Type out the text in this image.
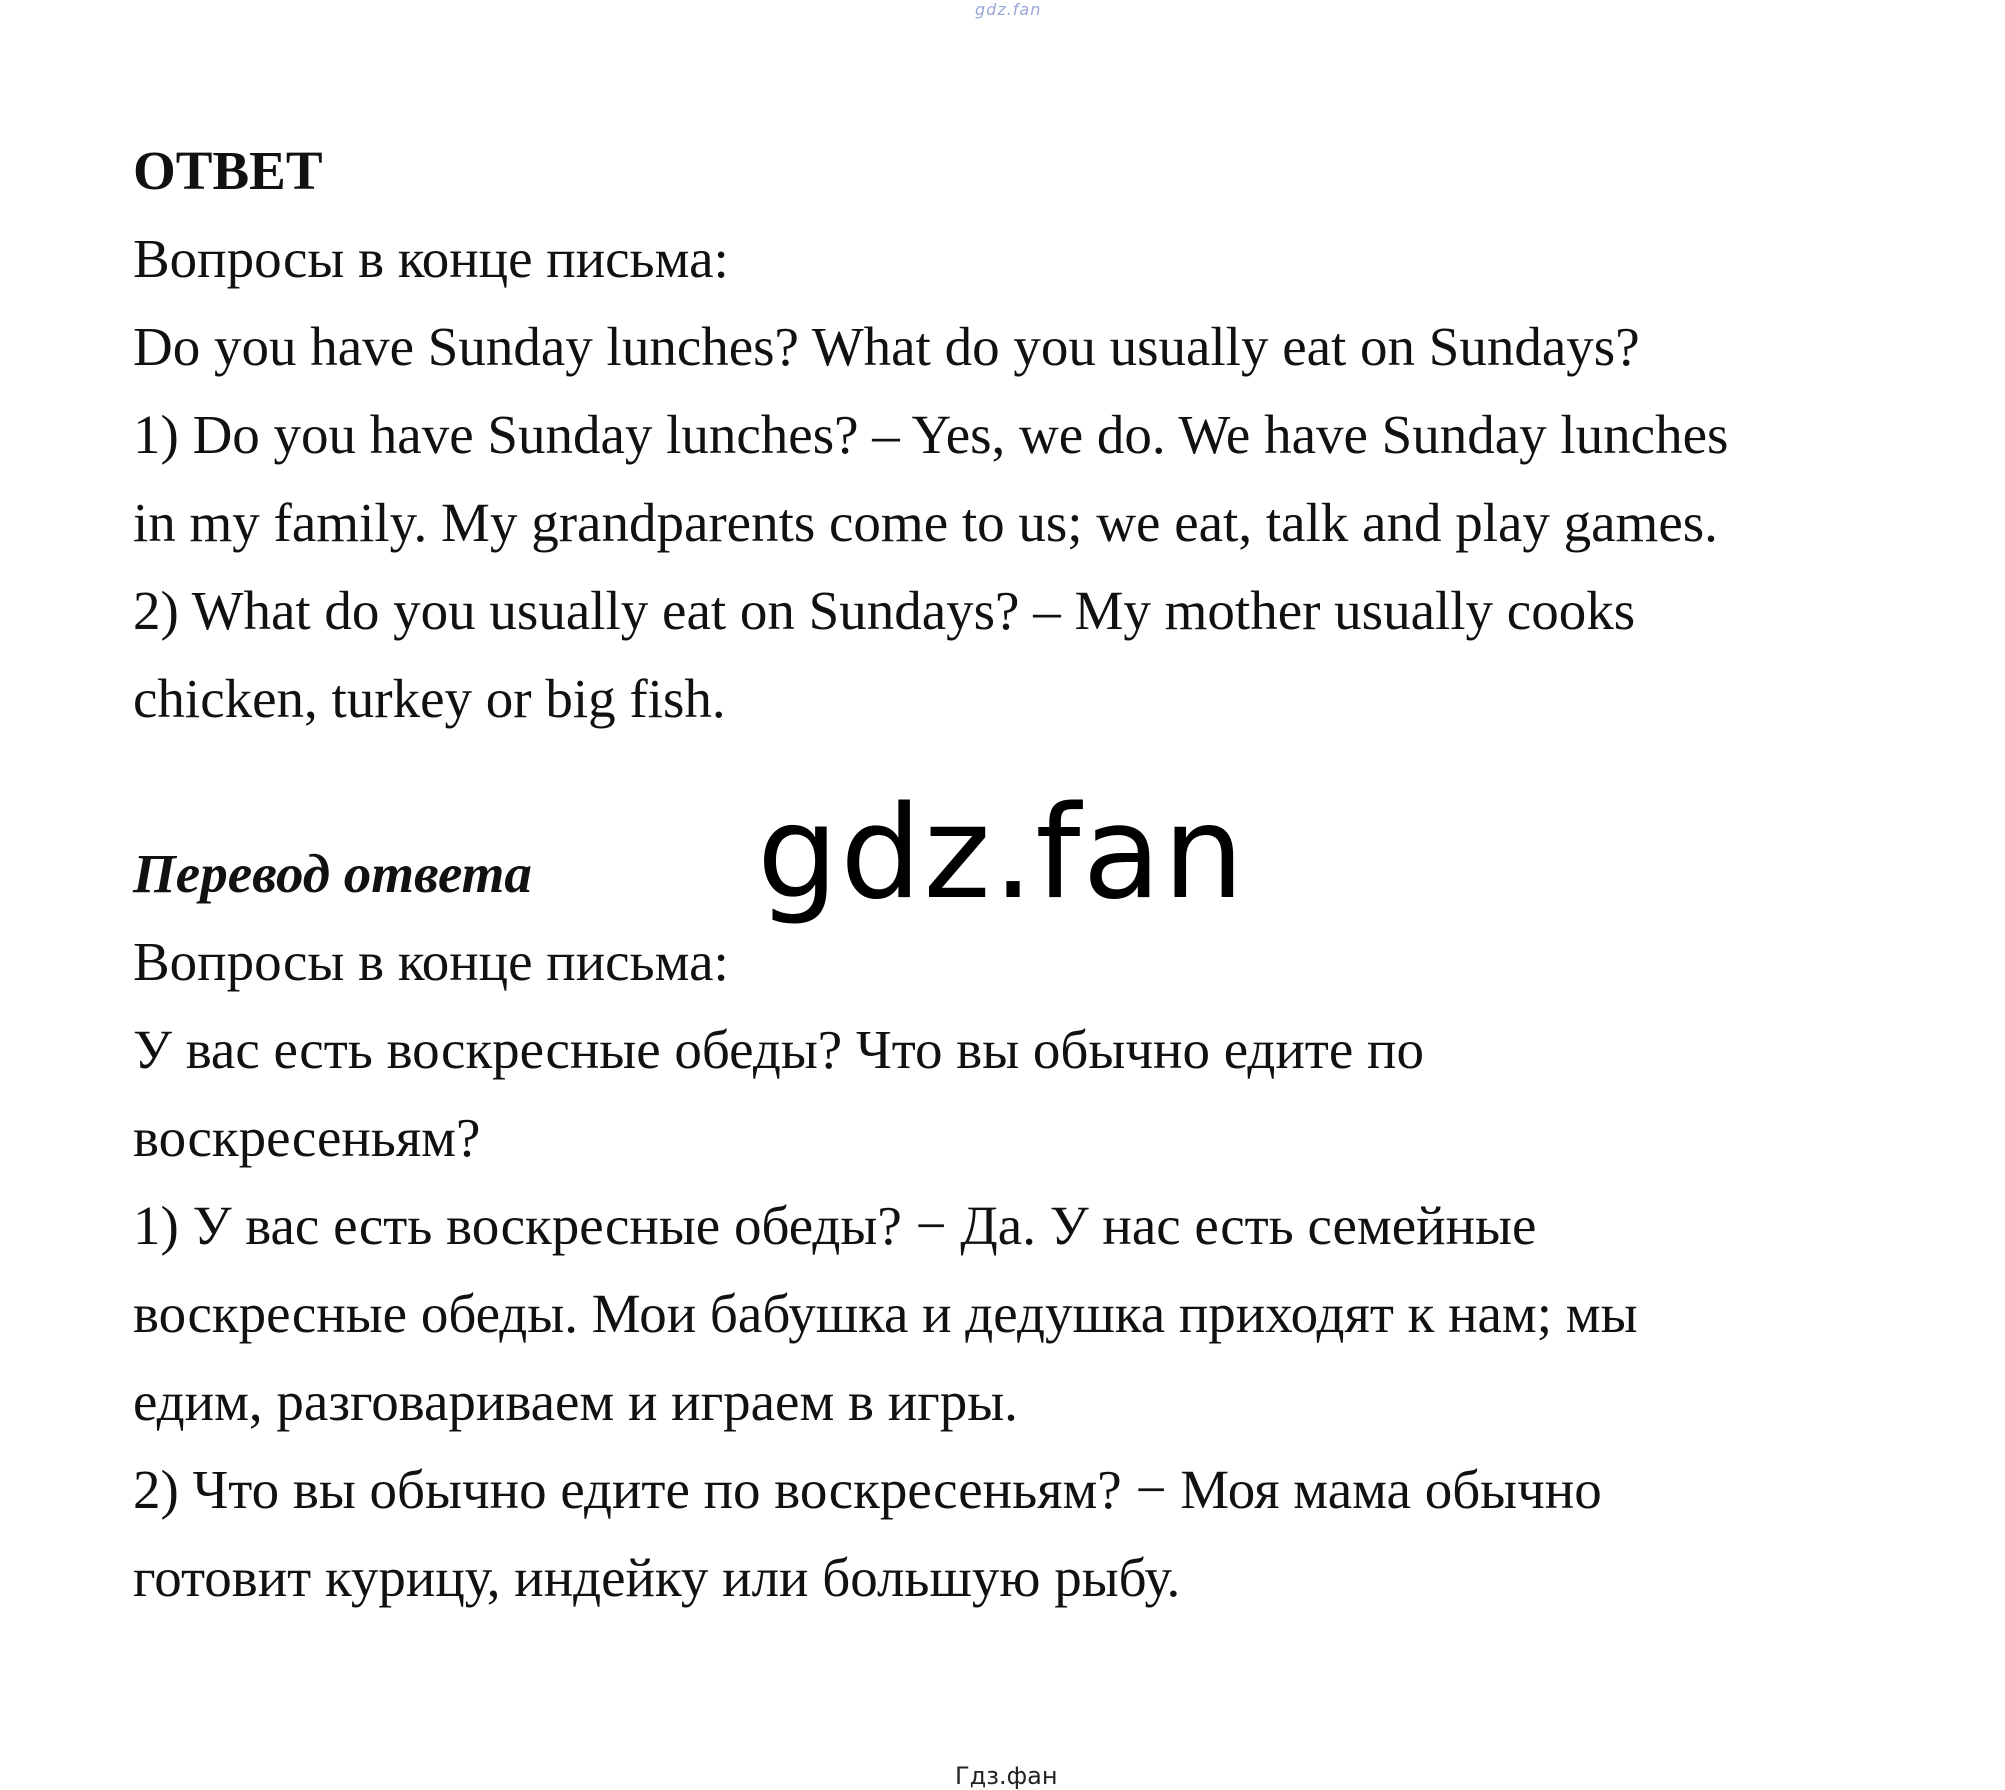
gdz.fan
ОТВЕТ
Вопросы в конце письма:
Do you have Sunday lunches? What do you usually eat on Sundays?
1) Do you have Sunday lunches? – Yes, we do. We have Sunday lunches
in my family. My grandparents come to us; we eat, talk and play games.
2) What do you usually eat on Sundays? – My mother usually cooks
chicken, turkey or big fish.
Перевод ответа
Вопросы в конце письма:
У вас есть воскресные обеды? Что вы обычно едите по
воскресеньям?
1) У вас есть воскресные обеды? − Да. У нас есть семейные
воскресные обеды. Мои бабушка и дедушка приходят к нам; мы
едим, разговариваем и играем в игры.
2) Что вы обычно едите по воскресеньям? − Моя мама обычно
готовит курицу, индейку или большую рыбу.
gdz.fan
Гдз.фан
